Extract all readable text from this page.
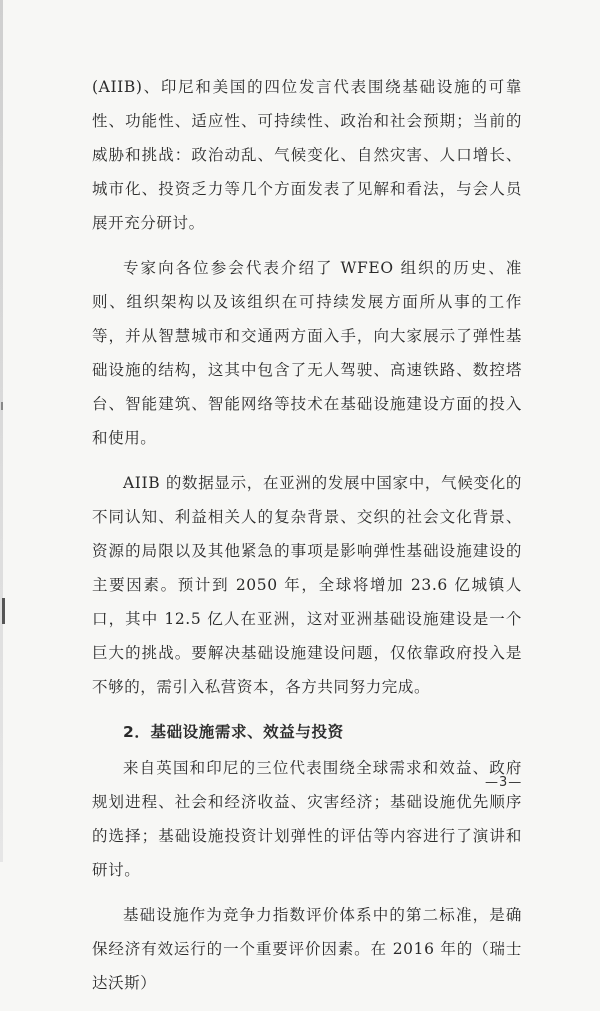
(AIIB)、印尼和美国的四位发言代表围绕基础设施的可靠性、功能性、适应性、可持续性、政治和社会预期；当前的威胁和挑战：政治动乱、气候变化、自然灾害、人口增长、城市化、投资乏力等几个方面发表了见解和看法，与会人员展开充分研讨。

专家向各位参会代表介绍了 WFEO 组织的历史、准则、组织架构以及该组织在可持续发展方面所从事的工作等，并从智慧城市和交通两方面入手，向大家展示了弹性基础设施的结构，这其中包含了无人驾驶、高速铁路、数控塔台、智能建筑、智能网络等技术在基础设施建设方面的投入和使用。

AIIB 的数据显示，在亚洲的发展中国家中，气候变化的不同认知、利益相关人的复杂背景、交织的社会文化背景、资源的局限以及其他紧急的事项是影响弹性基础设施建设的主要因素。预计到 2050 年，全球将增加 23.6 亿城镇人口，其中 12.5 亿人在亚洲，这对亚洲基础设施建设是一个巨大的挑战。要解决基础设施建设问题，仅依靠政府投入是不够的，需引入私营资本，各方共同努力完成。

2．基础设施需求、效益与投资

来自英国和印尼的三位代表围绕全球需求和效益、政府规划进程、社会和经济收益、灾害经济；基础设施优先顺序的选择；基础设施投资计划弹性的评估等内容进行了演讲和研讨。

基础设施作为竞争力指数评价体系中的第二标准，是确保经济有效运行的一个重要评价因素。在 2016 年的（瑞士达沃斯）

—3—
